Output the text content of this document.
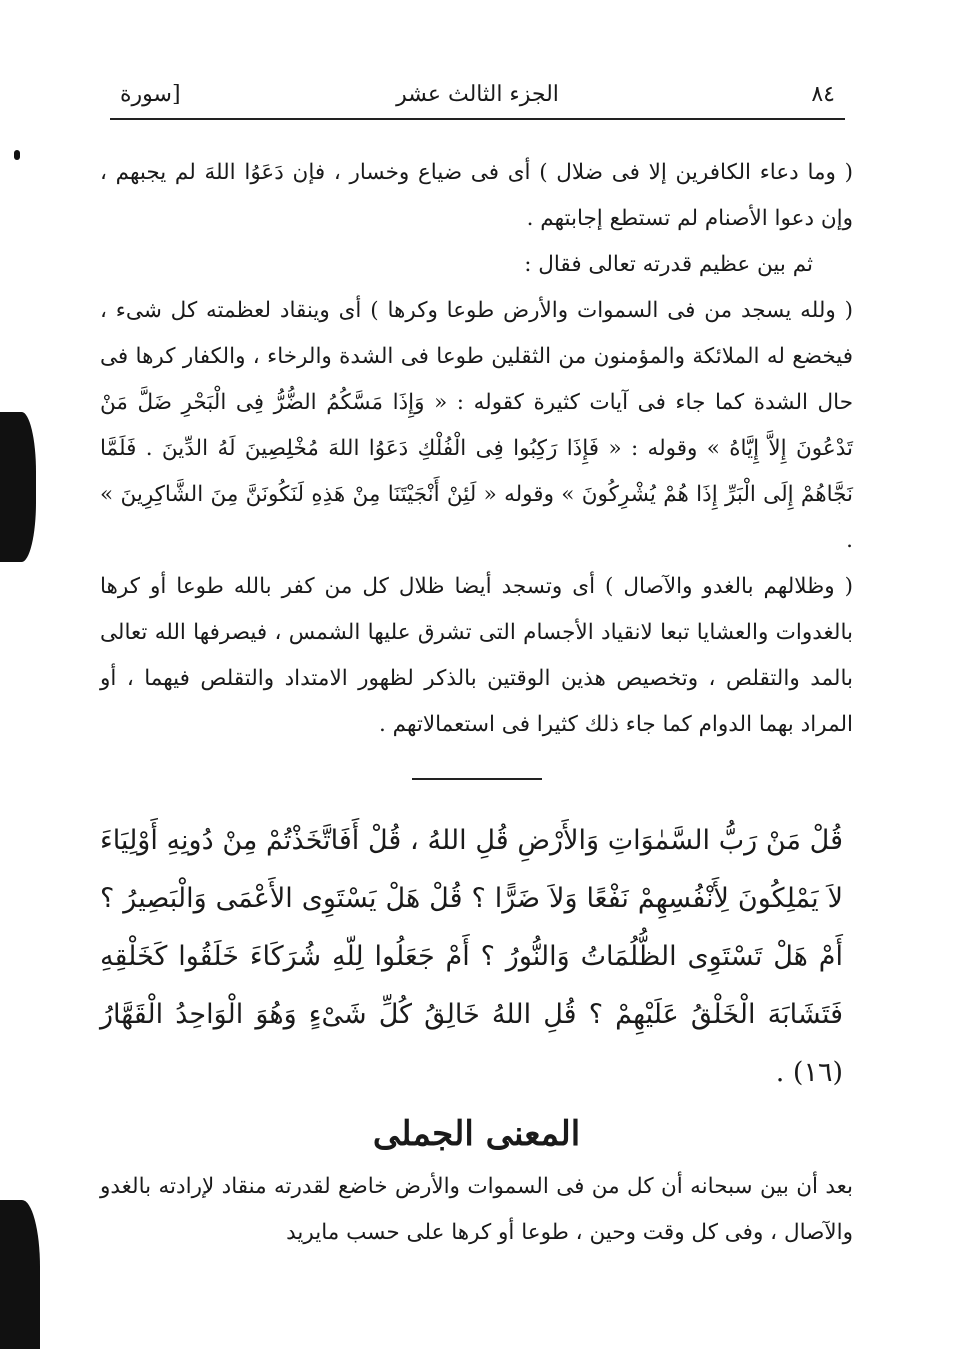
٨٤
الجزء الثالث عشر
[سورة

( وما دعاء الكافرين إلا فى ضلال ) أى فى ضياع وخسار ، فإن دَعَوُا اللهَ لم يجبهم ، وإن دعوا الأصنام لم تستطع إجابتهم .

ثم بين عظيم قدرته تعالى فقال :

( ولله يسجد من فى السموات والأرض طوعا وكرها ) أى وينقاد لعظمته كل شىء ، فيخضع له الملائكة والمؤمنون من الثقلين طوعا فى الشدة والرخاء ، والكفار كرها فى حال الشدة كما جاء فى آيات كثيرة كقوله : « وَإِذَا مَسَّكُمُ الضُّرُّ فِى الْبَحْرِ ضَلَّ مَنْ تَدْعُونَ إِلاَّ إِيَّاهُ » وقوله : « فَإِذَا رَكِبُوا فِى الْفُلْكِ دَعَوُا اللهَ مُخْلِصِينَ لَهُ الدِّينَ . فَلَمَّا نَجَّاهُمْ إِلَى الْبَرِّ إِذَا هُمْ يُشْرِكُونَ » وقوله « لَئِنْ أَنْجَيْتَنَا مِنْ هَذِهِ لَنَكُونَنَّ مِنَ الشَّاكِرِينَ » .

( وظلالهم بالغدو والآصال ) أى وتسجد أيضا ظلال كل من كفر بالله طوعا أو كرها بالغدوات والعشايا تبعا لانقياد الأجسام التى تشرق عليها الشمس ، فيصرفها الله تعالى بالمد والتقلص ، وتخصيص هذين الوقتين بالذكر لظهور الامتداد والتقلص فيهما ، أو المراد بهما الدوام كما جاء ذلك كثيرا فى استعمالاتهم .

قُلْ مَنْ رَبُّ السَّمٰوَاتِ وَالأَرْضِ قُلِ اللهُ ، قُلْ أَفَاتَّخَذْتُمْ مِنْ دُونِهِ أَوْلِيَاءَ لاَ يَمْلِكُونَ لِأَنْفُسِهِمْ نَفْعًا وَلاَ ضَرًّا ؟ قُلْ هَلْ يَسْتَوِى الأَعْمَى وَالْبَصِيرُ ؟ أَمْ هَلْ تَسْتَوِى الظُّلُمَاتُ وَالنُّورُ ؟ أَمْ جَعَلُوا لِلّهِ شُرَكَاءَ خَلَقُوا كَخَلْقِهِ فَتَشَابَهَ الْخَلْقُ عَلَيْهِمْ ؟ قُلِ اللهُ خَالِقُ كُلِّ شَىْءٍ وَهُوَ الْوَاحِدُ الْقَهَّارُ (١٦) .

المعنى الجملى

بعد أن بين سبحانه أن كل من فى السموات والأرض خاضع لقدرته منقاد لإرادته بالغدو والآصال ، وفى كل وقت وحين ، طوعا أو كرها على حسب مايريد
